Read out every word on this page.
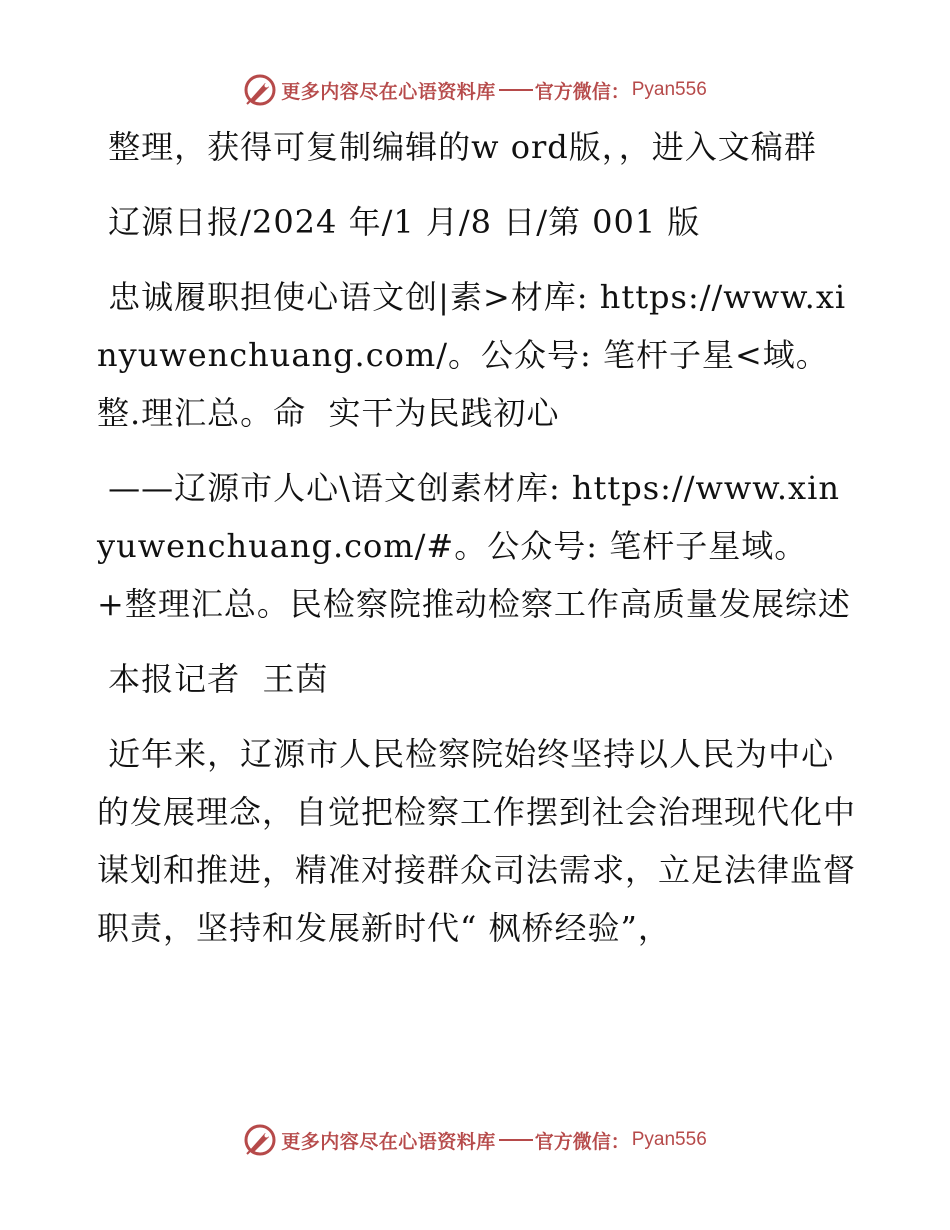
更多内容尽在心语资料库 官方微信： Pyan556

整理，获得可复制编辑的w ord版，，进入文稿群

辽源日报/2024 年/1 月/8 日/第 001 版

忠诚履职担使心语文创|素>材库: https://www.xinyuwenchuang.com/。公众号: 笔杆子星<域。整.理汇总。命  实干为民践初心

——辽源市人心\语文创素材库: https://www.xinyuwenchuang.com/#。公众号: 笔杆子星域。+整理汇总。民检察院推动检察工作高质量发展综述

本报记者  王茵

近年来，辽源市人民检察院始终坚持以人民为中心的发展理念，自觉把检察工作摆到社会治理现代化中谋划和推进，精准对接群众司法需求，立足法律监督职责，坚持和发展新时代“ 枫桥经验”，

更多内容尽在心语资料库 官方微信： Pyan556
